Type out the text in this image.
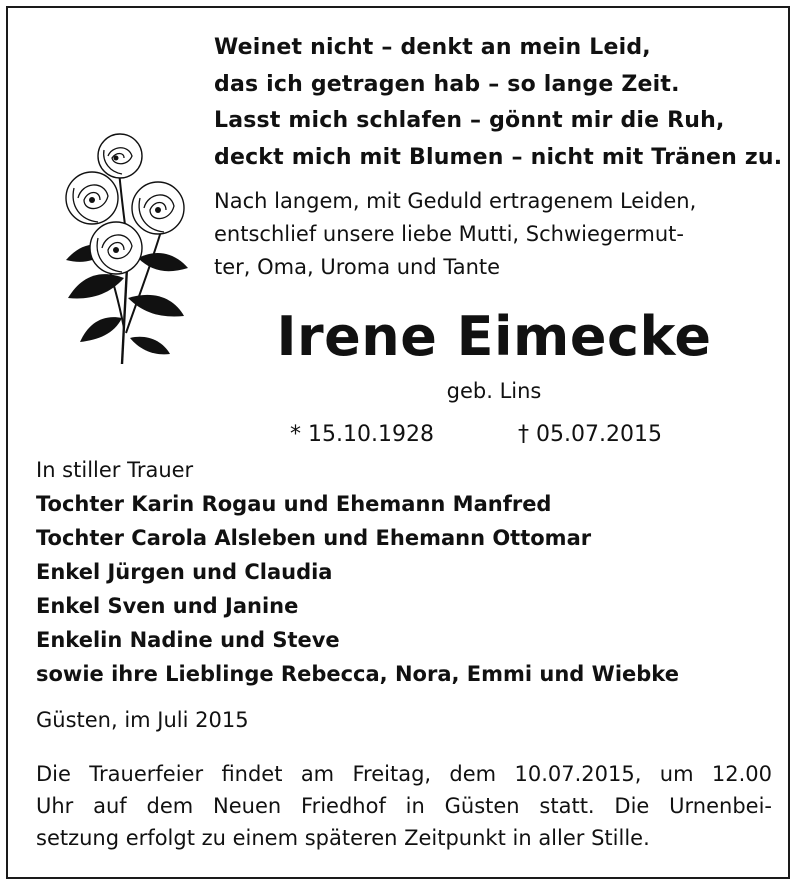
Weinet nicht – denkt an mein Leid,
das ich getragen hab – so lange Zeit.
Lasst mich schlafen – gönnt mir die Ruh,
deckt mich mit Blumen – nicht mit Tränen zu.
Nach langem, mit Geduld ertragenem Leiden,
entschlief unsere liebe Mutti, Schwiegermut-
ter, Oma, Uroma und Tante
Irene Eimecke
geb. Lins
* 15.10.1928	† 05.07.2015
In stiller Trauer
Tochter Karin Rogau und Ehemann Manfred
Tochter Carola Alsleben und Ehemann Ottomar
Enkel Jürgen und Claudia
Enkel Sven und Janine
Enkelin Nadine und Steve
sowie ihre Lieblinge Rebecca, Nora, Emmi und Wiebke
Güsten, im Juli 2015
Die Trauerfeier findet am Freitag, dem 10.07.2015, um 12.00
Uhr auf dem Neuen Friedhof in Güsten statt. Die Urnenbei-
setzung erfolgt zu einem späteren Zeitpunkt in aller Stille.
